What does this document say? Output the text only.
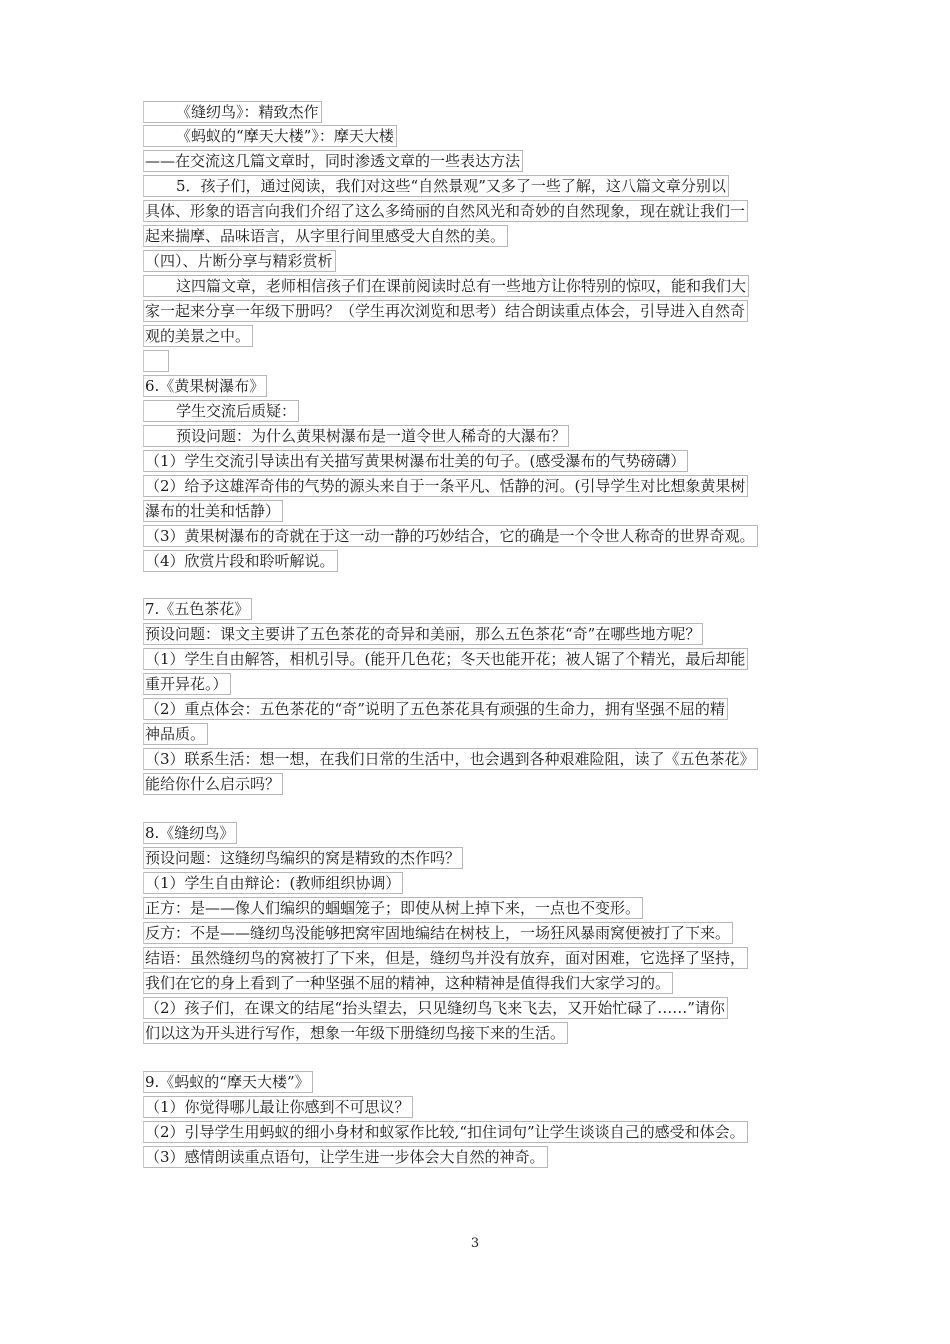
《缝纫鸟》：精致杰作
《蚂蚁的“摩天大楼”》：摩天大楼
——在交流这几篇文章时，同时渗透文章的一些表达方法
5．孩子们，通过阅读，我们对这些“自然景观”又多了一些了解，这八篇文章分别以
具体、形象的语言向我们介绍了这么多绮丽的自然风光和奇妙的自然现象，现在就让我们一
起来揣摩、品味语言，从字里行间里感受大自然的美。
（四）、片断分享与精彩赏析
这四篇文章，老师相信孩子们在课前阅读时总有一些地方让你特别的惊叹，能和我们大
家一起来分享一年级下册吗？（学生再次浏览和思考）结合朗读重点体会，引导进入自然奇
观的美景之中。
6.《黄果树瀑布》
学生交流后质疑：
预设问题：为什么黄果树瀑布是一道令世人稀奇的大瀑布？
（1）学生交流引导读出有关描写黄果树瀑布壮美的句子。(感受瀑布的气势磅礴）
（2）给予这雄浑奇伟的气势的源头来自于一条平凡、恬静的河。(引导学生对比想象黄果树
瀑布的壮美和恬静）
（3）黄果树瀑布的奇就在于这一动一静的巧妙结合，它的确是一个令世人称奇的世界奇观。
（4）欣赏片段和聆听解说。
7.《五色茶花》
预设问题：课文主要讲了五色茶花的奇异和美丽，那么五色茶花“奇”在哪些地方呢？
（1）学生自由解答，相机引导。(能开几色花；冬天也能开花；被人锯了个精光，最后却能
重开异花。）
（2）重点体会：五色茶花的“奇”说明了五色茶花具有顽强的生命力，拥有坚强不屈的精
神品质。
（3）联系生活：想一想，在我们日常的生活中，也会遇到各种艰难险阻，读了《五色茶花》
能给你什么启示吗？
8.《缝纫鸟》
预设问题：这缝纫鸟编织的窝是精致的杰作吗？
（1）学生自由辩论：(教师组织协调）
正方：是——像人们编织的蝈蝈笼子；即使从树上掉下来，一点也不变形。
反方：不是——缝纫鸟没能够把窝牢固地编结在树枝上，一场狂风暴雨窝便被打了下来。
结语：虽然缝纫鸟的窝被打了下来，但是，缝纫鸟并没有放弃，面对困难，它选择了坚持，
我们在它的身上看到了一种坚强不屈的精神，这种精神是值得我们大家学习的。
（2）孩子们，在课文的结尾“抬头望去，只见缝纫鸟飞来飞去，又开始忙碌了……”请你
们以这为开头进行写作，想象一年级下册缝纫鸟接下来的生活。
9.《蚂蚁的“摩天大楼”》
（1）你觉得哪儿最让你感到不可思议？
（2）引导学生用蚂蚁的细小身材和蚁冢作比较,“扣住词句”让学生谈谈自己的感受和体会。
（3）感情朗读重点语句，让学生进一步体会大自然的神奇。
3
